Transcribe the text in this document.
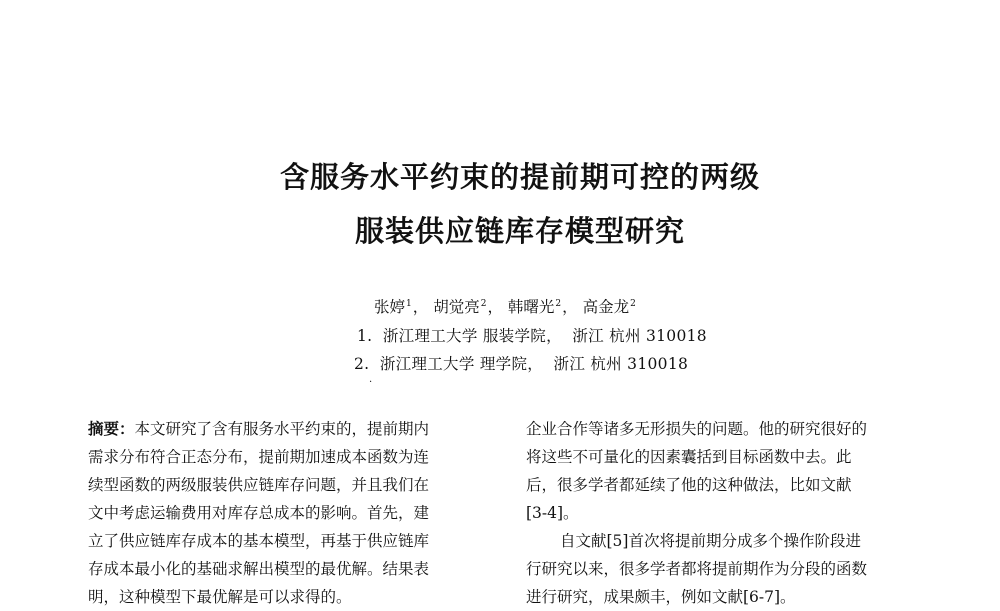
含服务水平约束的提前期可控的两级
服装供应链库存模型研究
张婷$^1$， 胡觉亮$^2$， 韩曙光$^2$， 高金龙$^2$
1.  浙江理工大学 服装学院，  浙江 杭州 310018
2.  浙江理工大学 理学院，  浙江 杭州 310018
.
摘要：本文研究了含有服务水平约束的，提前期内
需求分布符合正态分布，提前期加速成本函数为连
续型函数的两级服装供应链库存问题，并且我们在
文中考虑运输费用对库存总成本的影响。首先，建
立了供应链库存成本的基本模型，再基于供应链库
存成本最小化的基础求解出模型的最优解。结果表
明，这种模型下最优解是可以求得的。
企业合作等诸多无形损失的问题。他的研究很好的
将这些不可量化的因素囊括到目标函数中去。此
后，很多学者都延续了他的这种做法，比如文献
[3-4]。
自文献[5]首次将提前期分成多个操作阶段进
行研究以来，很多学者都将提前期作为分段的函数
进行研究，成果颇丰，例如文献[6-7]。
